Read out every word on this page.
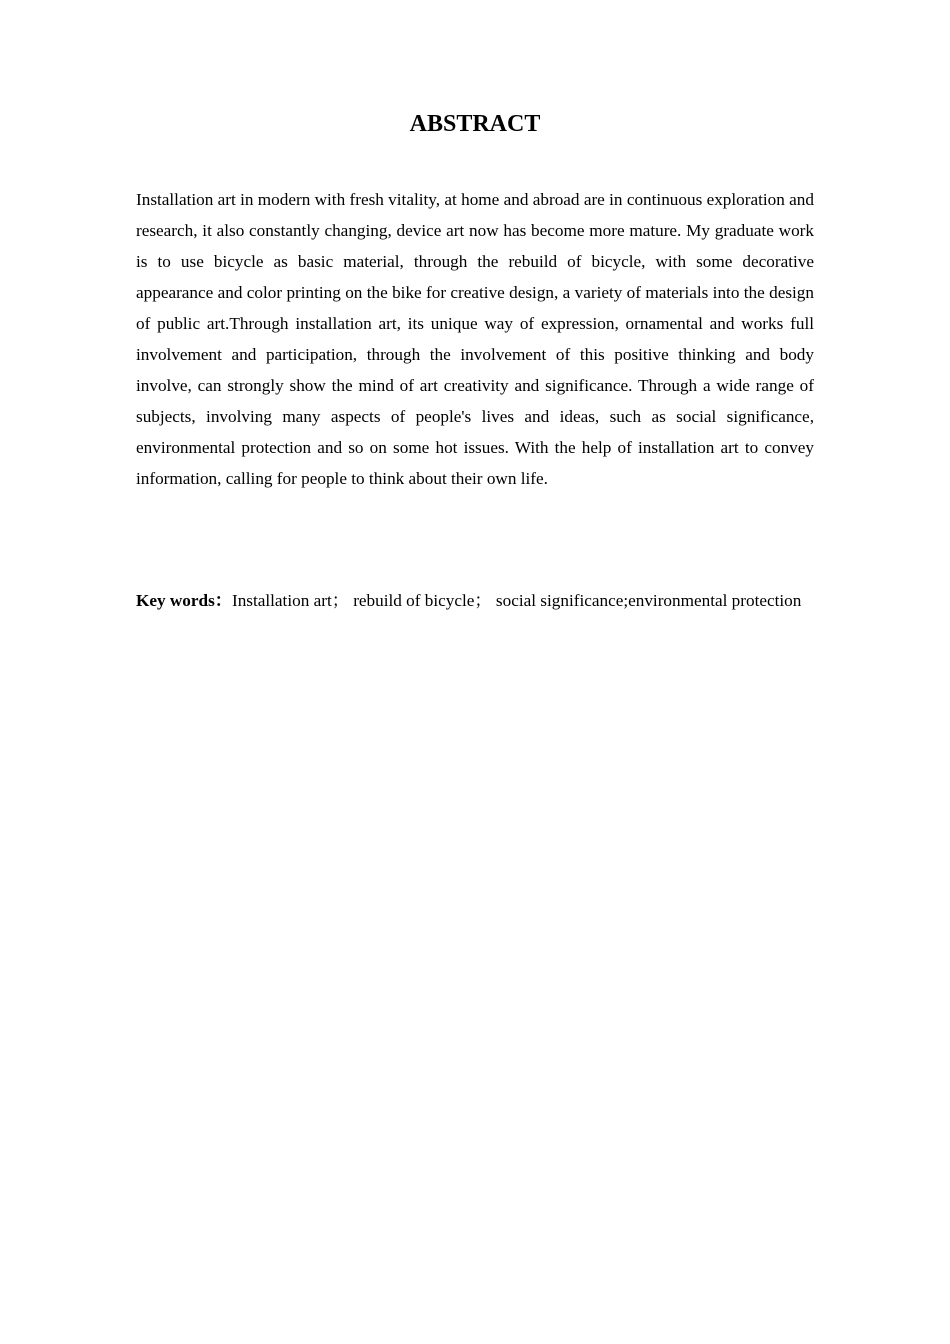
ABSTRACT

Installation art in modern with fresh vitality, at home and abroad are in continuous exploration and research, it also constantly changing, device art now has become more mature. My graduate work is to use bicycle as basic material, through the rebuild of bicycle, with some decorative appearance and color printing on the bike for creative design, a variety of materials into the design of public art.Through installation art, its unique way of expression, ornamental and works full involvement and participation, through the involvement of this positive thinking and body involve, can strongly show the mind of art creativity and significance. Through a wide range of subjects, involving many aspects of people's lives and ideas, such as social significance, environmental protection and so on some hot issues. With the help of installation art to convey information, calling for people to think about their own life.

Key words：Installation art； rebuild of bicycle； social significance;environmental protection
